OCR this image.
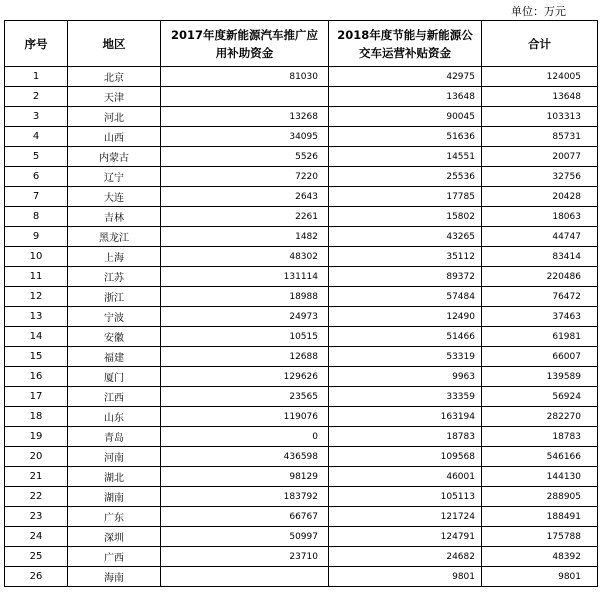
单位：万元
序号	地区	2017年度新能源汽车推广应用补助资金	2018年度节能与新能源公交车运营补贴资金	合计
1	北京	81030	42975	124005
2	天津		13648	13648
3	河北	13268	90045	103313
4	山西	34095	51636	85731
5	内蒙古	5526	14551	20077
6	辽宁	7220	25536	32756
7	大连	2643	17785	20428
8	吉林	2261	15802	18063
9	黑龙江	1482	43265	44747
10	上海	48302	35112	83414
11	江苏	131114	89372	220486
12	浙江	18988	57484	76472
13	宁波	24973	12490	37463
14	安徽	10515	51466	61981
15	福建	12688	53319	66007
16	厦门	129626	9963	139589
17	江西	23565	33359	56924
18	山东	119076	163194	282270
19	青岛	0	18783	18783
20	河南	436598	109568	546166
21	湖北	98129	46001	144130
22	湖南	183792	105113	288905
23	广东	66767	121724	188491
24	深圳	50997	124791	175788
25	广西	23710	24682	48392
26	海南		9801	9801
